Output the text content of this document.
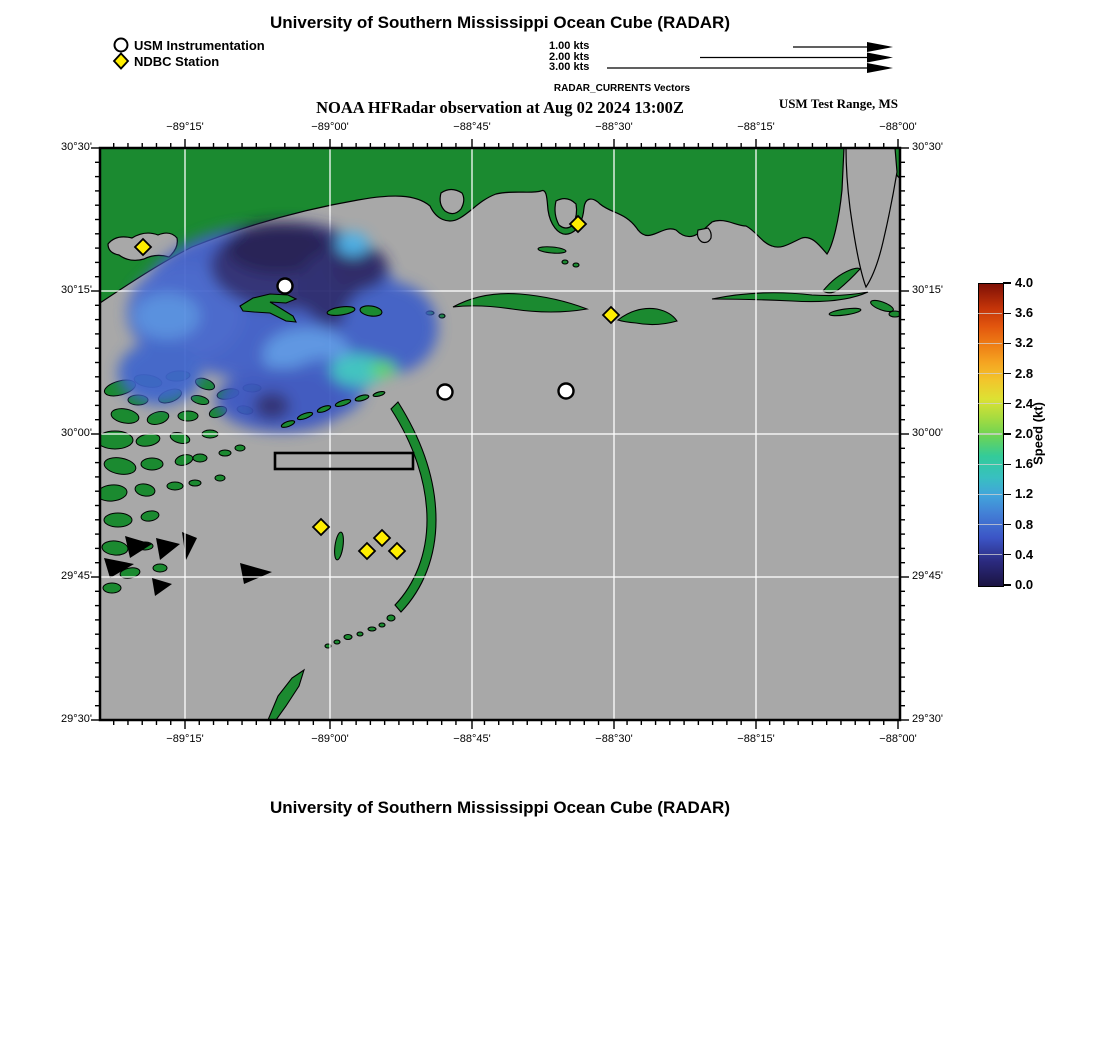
University of Southern Mississippi Ocean Cube (RADAR)
USM Instrumentation
NDBC Station
RADAR_CURRENTS Vectors
NOAA HFRadar observation at Aug 02 2024 13:00Z	USM Test Range, MS
−89°15'
−89°15'
−89°00'
−89°00'
−88°45'
−88°45'
−88°30'
−88°30'
−88°15'
−88°15'
−88°00'
−88°00'
30°30'	30°30'
30°15'	30°15'
30°00'	30°00'
29°45'	29°45'
29°30'	29°30'
4.0
3.6
3.2
2.8
2.4
2.0
1.6
1.2
0.8
0.4
0.0
Speed (kt)
University of Southern Mississippi Ocean Cube (RADAR)
1.00 kts
2.00 kts
3.00 kts
